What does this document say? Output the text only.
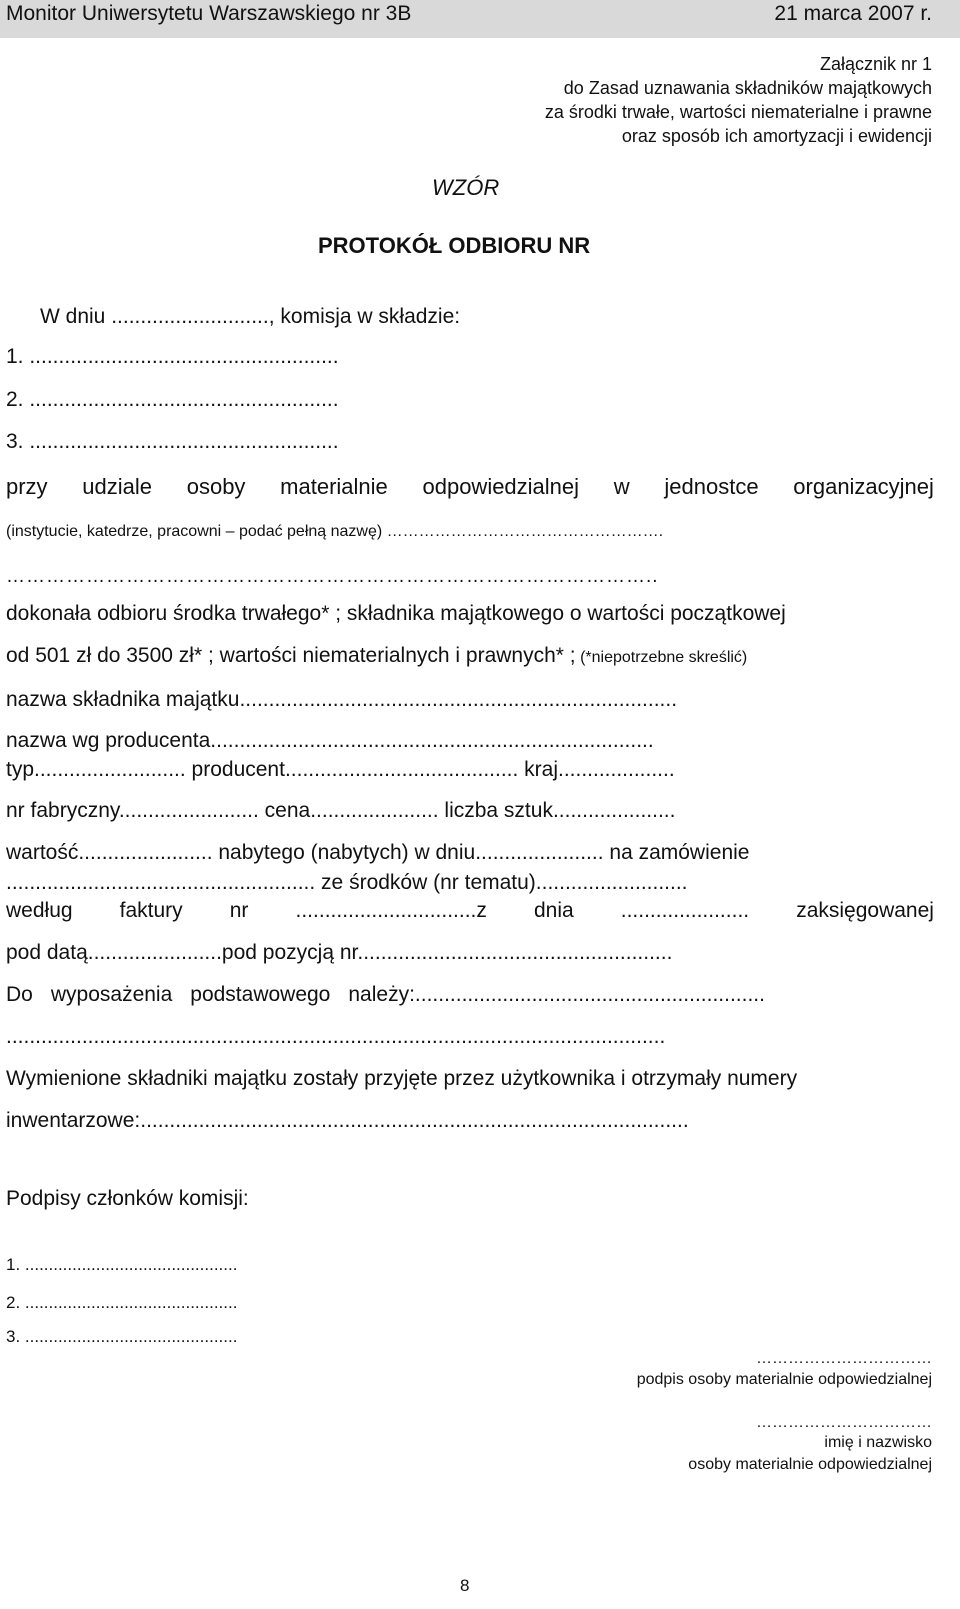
Monitor Uniwersytetu Warszawskiego nr 3B	21 marca 2007 r.
Załącznik nr 1
do Zasad uznawania składników majątkowych
za środki trwałe, wartości niematerialne i prawne
oraz sposób ich amortyzacji i ewidencji
WZÓR
PROTOKÓŁ ODBIORU NR
W dniu ..........................., komisja w składzie:
1. .....................................................
2. .....................................................
3. .....................................................
przy udziale osoby materialnie odpowiedzialnej w jednostce organizacyjnej
(instytucie, katedrze, pracowni – podać pełną nazwę) …………………………………………….
……………………………………………………………………………………..
dokonała odbioru środka trwałego* ; składnika majątkowego o wartości początkowej
od 501 zł do 3500 zł* ; wartości niematerialnych i prawnych* ; (*niepotrzebne skreślić)
nazwa składnika majątku...........................................................................
nazwa wg producenta............................................................................
typ.......................... producent........................................ kraj....................
nr fabryczny........................ cena...................... liczba sztuk.....................
wartość....................... nabytego (nabytych) w dniu...................... na zamówienie
..................................................... ze środków (nr tematu)..........................
według faktury nr ...............................z dnia ...................... zaksięgowanej
pod datą.......................pod pozycją nr......................................................
Do wyposażenia podstawowego należy:............................................................
.................................................................................................................
Wymienione składniki majątku zostały przyjęte przez użytkownika i otrzymały numery
inwentarzowe:..............................................................................................
Podpisy członków komisji:
1. .............................................
2. .............................................
3. .............................................
……………………………
podpis osoby materialnie odpowiedzialnej
……………………………
imię i nazwisko
osoby materialnie odpowiedzialnej
8
